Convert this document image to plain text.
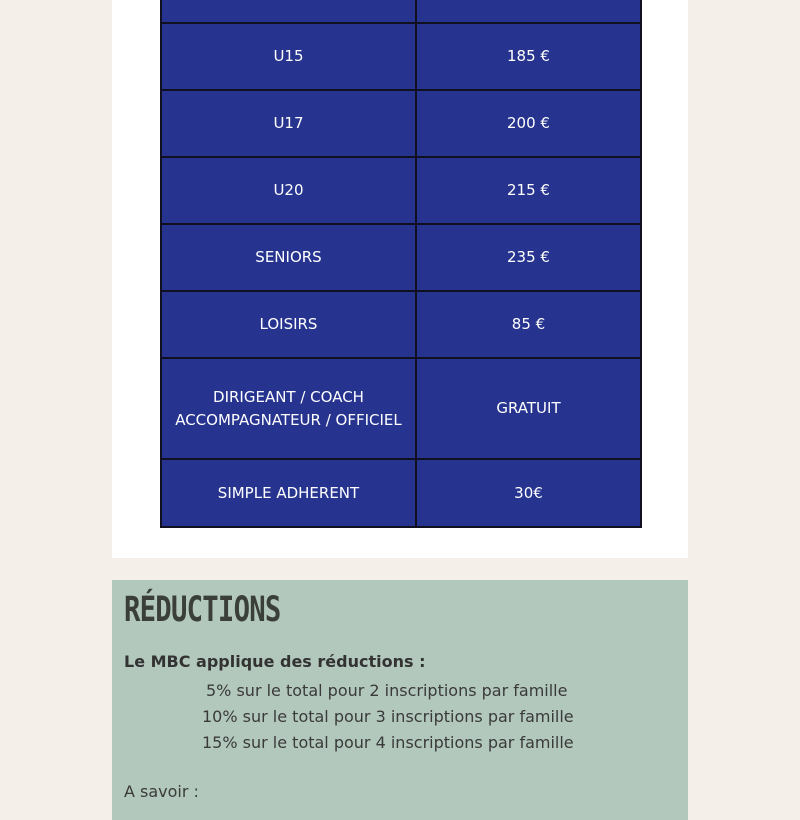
U15	185 €
U17	200 €
U20	215 €
SENIORS	235 €
LOISIRS	85 €
DIRIGEANT / COACH ACCOMPAGNATEUR / OFFICIEL	GRATUIT
SIMPLE ADHERENT	30€
RÉDUCTIONS
Le MBC applique des réductions :
5% sur le total pour 2 inscriptions par famille
10% sur le total pour 3 inscriptions par famille
15% sur le total pour 4 inscriptions par famille
A savoir :
